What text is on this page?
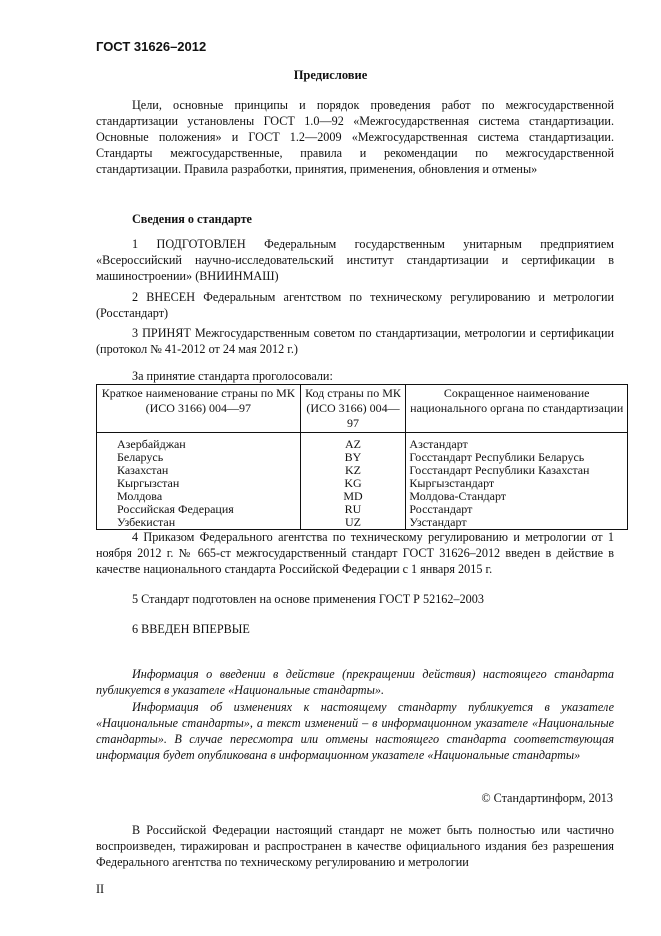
ГОСТ 31626–2012
Предисловие
Цели, основные принципы и порядок проведения работ по межгосударственной стандартизации установлены ГОСТ 1.0—92 «Межгосударственная система стандартизации. Основные положения» и ГОСТ 1.2—2009 «Межгосударственная система стандартизации. Стандарты межгосударственные, правила и рекомендации по межгосударственной стандартизации. Правила разработки, принятия, применения, обновления и отмены»
Сведения о стандарте
1 ПОДГОТОВЛЕН Федеральным государственным унитарным предприятием «Всероссийский научно-исследовательский институт стандартизации и сертификации в машиностроении» (ВНИИНМАШ)
2 ВНЕСЕН Федеральным агентством по техническому регулированию и метрологии (Росстандарт)
3 ПРИНЯТ Межгосударственным советом по стандартизации, метрологии и сертификации (протокол № 41-2012 от 24 мая 2012 г.)
За принятие стандарта проголосовали:
Краткое наименование страны по МК (ИСО 3166) 004—97	Код страны по МК (ИСО 3166) 004—97	Сокращенное наименование национального органа по стандартизации
Азербайджан	AZ	Азстандарт
Беларусь	BY	Госстандарт Республики Беларусь
Казахстан	KZ	Госстандарт Республики Казахстан
Кыргызстан	KG	Кыргызстандарт
Молдова	MD	Молдова-Стандарт
Российская Федерация	RU	Росстандарт
Узбекистан	UZ	Узстандарт
4 Приказом Федерального агентства по техническому регулированию и метрологии от 1 ноября 2012 г. № 665-ст межгосударственный стандарт ГОСТ 31626–2012 введен в действие в качестве национального стандарта Российской Федерации с 1 января 2015 г.
5 Стандарт подготовлен на основе применения ГОСТ Р 52162–2003
6 ВВЕДЕН ВПЕРВЫЕ
Информация о введении в действие (прекращении действия) настоящего стандарта публикуется в указателе «Национальные стандарты».
Информация об изменениях к настоящему стандарту публикуется в указателе «Национальные стандарты», а текст изменений – в информационном указателе «Национальные стандарты». В случае пересмотра или отмены настоящего стандарта соответствующая информация будет опубликована в информационном указателе «Национальные стандарты»
© Стандартинформ, 2013
В Российской Федерации настоящий стандарт не может быть полностью или частично воспроизведен, тиражирован и распространен в качестве официального издания без разрешения Федерального агентства по техническому регулированию и метрологии
II
